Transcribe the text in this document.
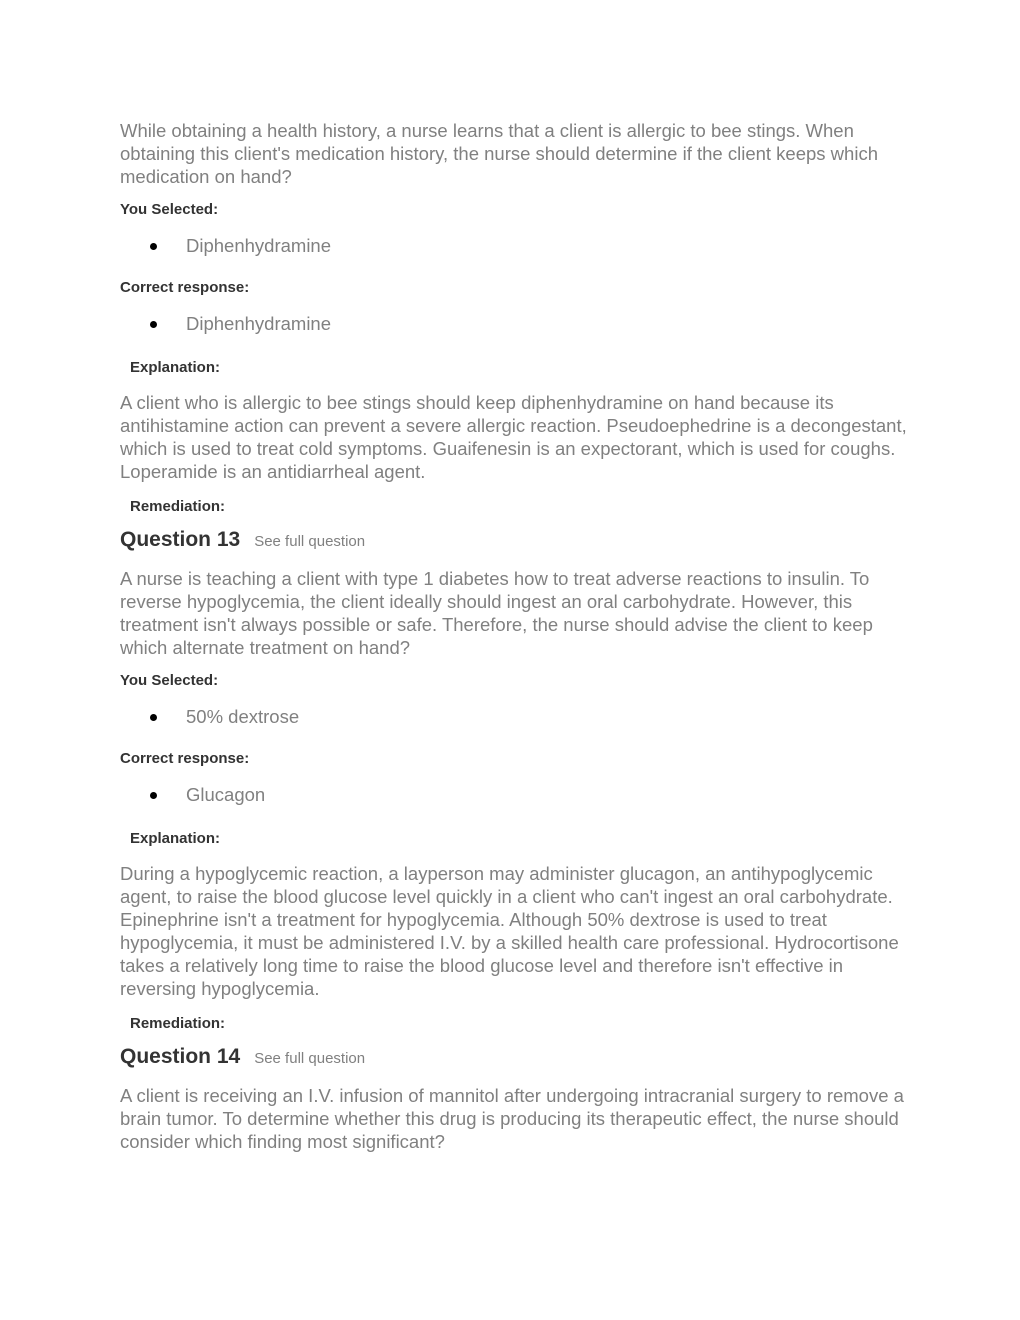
While obtaining a health history, a nurse learns that a client is allergic to bee stings. When obtaining this client's medication history, the nurse should determine if the client keeps which medication on hand?

You Selected:

Diphenhydramine

Correct response:

Diphenhydramine

Explanation:

A client who is allergic to bee stings should keep diphenhydramine on hand because its antihistamine action can prevent a severe allergic reaction. Pseudoephedrine is a decongestant, which is used to treat cold symptoms. Guaifenesin is an expectorant, which is used for coughs. Loperamide is an antidiarrheal agent.

Remediation:

Question 13 See full question

A nurse is teaching a client with type 1 diabetes how to treat adverse reactions to insulin. To reverse hypoglycemia, the client ideally should ingest an oral carbohydrate. However, this treatment isn't always possible or safe. Therefore, the nurse should advise the client to keep which alternate treatment on hand?

You Selected:

50% dextrose

Correct response:

Glucagon

Explanation:

During a hypoglycemic reaction, a layperson may administer glucagon, an antihypoglycemic agent, to raise the blood glucose level quickly in a client who can't ingest an oral carbohydrate. Epinephrine isn't a treatment for hypoglycemia. Although 50% dextrose is used to treat hypoglycemia, it must be administered I.V. by a skilled health care professional. Hydrocortisone takes a relatively long time to raise the blood glucose level and therefore isn't effective in reversing hypoglycemia.

Remediation:

Question 14 See full question

A client is receiving an I.V. infusion of mannitol after undergoing intracranial surgery to remove a brain tumor. To determine whether this drug is producing its therapeutic effect, the nurse should consider which finding most significant?
